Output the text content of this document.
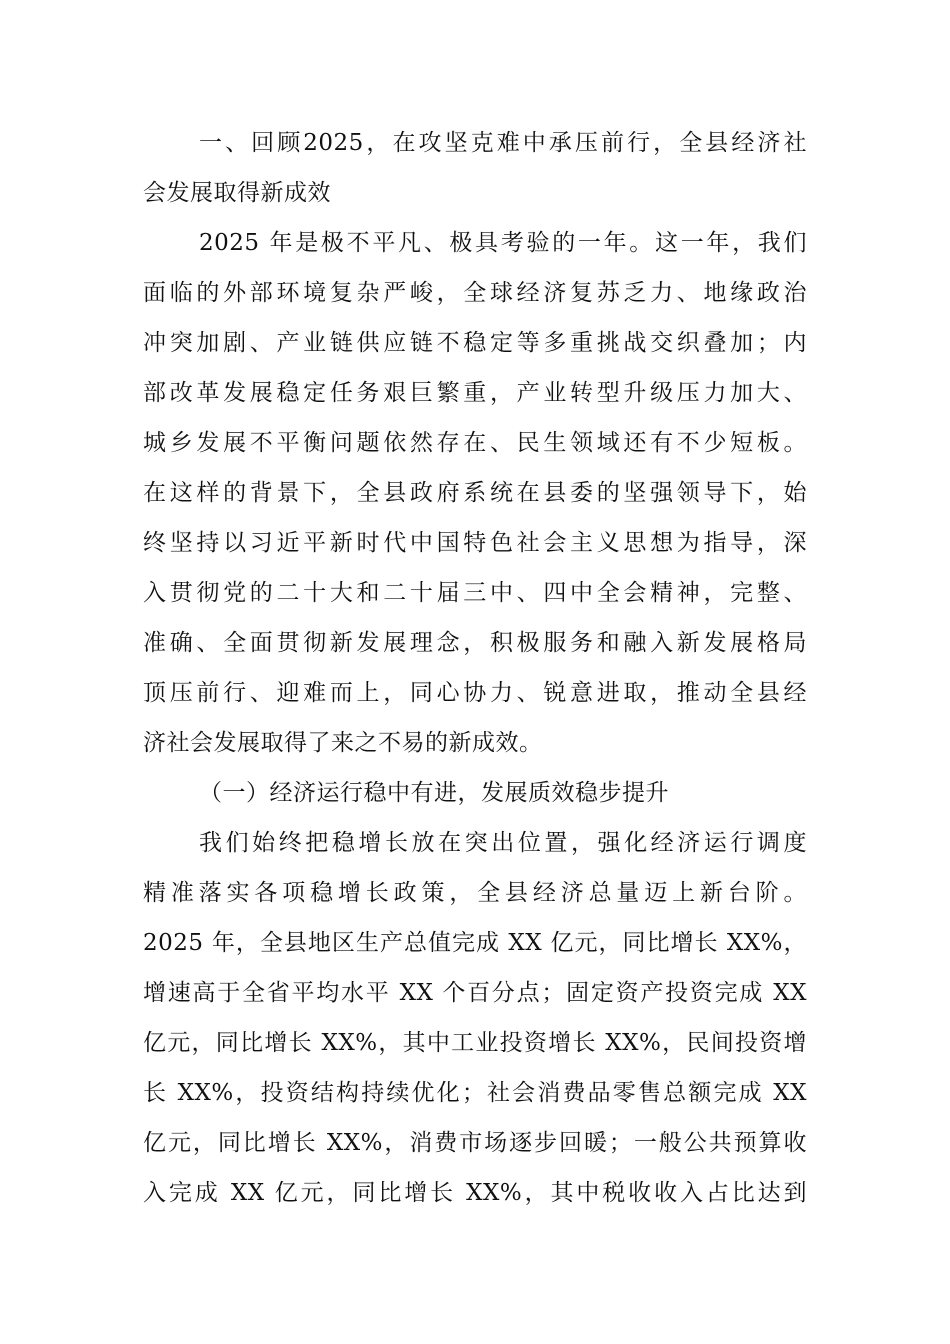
一、回顾2025，在攻坚克难中承压前行，全县经济社
会发展取得新成效
2025 年是极不平凡、极具考验的一年。这一年，我们
面临的外部环境复杂严峻，全球经济复苏乏力、地缘政治
冲突加剧、产业链供应链不稳定等多重挑战交织叠加；内
部改革发展稳定任务艰巨繁重，产业转型升级压力加大、
城乡发展不平衡问题依然存在、民生领域还有不少短板。
在这样的背景下，全县政府系统在县委的坚强领导下，始
终坚持以习近平新时代中国特色社会主义思想为指导，深
入贯彻党的二十大和二十届三中、四中全会精神，完整、
准确、全面贯彻新发展理念，积极服务和融入新发展格局
顶压前行、迎难而上，同心协力、锐意进取，推动全县经
济社会发展取得了来之不易的新成效。
（一）经济运行稳中有进，发展质效稳步提升
我们始终把稳增长放在突出位置，强化经济运行调度
精准落实各项稳增长政策，全县经济总量迈上新台阶。
2025 年，全县地区生产总值完成 XX 亿元，同比增长 XX%，
增速高于全省平均水平 XX 个百分点；固定资产投资完成 XX
亿元，同比增长 XX%，其中工业投资增长 XX%，民间投资增
长 XX%，投资结构持续优化；社会消费品零售总额完成 XX
亿元，同比增长 XX%，消费市场逐步回暖；一般公共预算收
入完成 XX 亿元，同比增长 XX%，其中税收收入占比达到
